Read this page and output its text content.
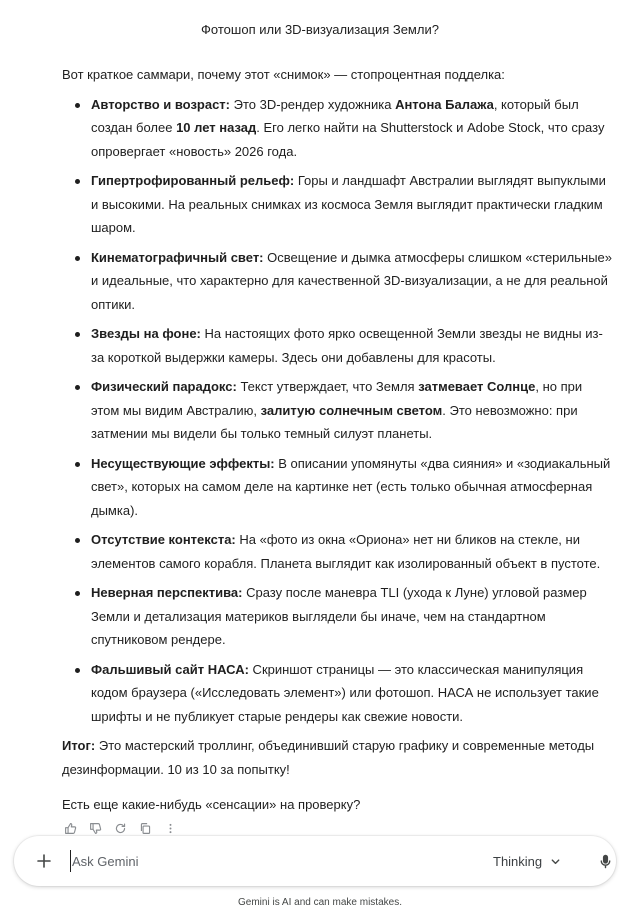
Фотошоп или 3D-визуализация Земли?

Вот краткое саммари, почему этот «снимок» — стопроцентная подделка:

Авторство и возраст: Это 3D-рендер художника Антона Балажа, который был создан более 10 лет назад. Его легко найти на Shutterstock и Adobe Stock, что сразу опровергает «новость» 2026 года.
Гипертрофированный рельеф: Горы и ландшафт Австралии выглядят выпуклыми и высокими. На реальных снимках из космоса Земля выглядит практически гладким шаром.
Кинематографичный свет: Освещение и дымка атмосферы слишком «стерильные» и идеальные, что характерно для качественной 3D-визуализации, а не для реальной оптики.
Звезды на фоне: На настоящих фото ярко освещенной Земли звезды не видны из-за короткой выдержки камеры. Здесь они добавлены для красоты.
Физический парадокс: Текст утверждает, что Земля затмевает Солнце, но при этом мы видим Австралию, залитую солнечным светом. Это невозможно: при затмении мы видели бы только темный силуэт планеты.
Несуществующие эффекты: В описании упомянуты «два сияния» и «зодиакальный свет», которых на самом деле на картинке нет (есть только обычная атмосферная дымка).
Отсутствие контекста: На «фото из окна «Ориона» нет ни бликов на стекле, ни элементов самого корабля. Планета выглядит как изолированный объект в пустоте.
Неверная перспектива: Сразу после маневра TLI (ухода к Луне) угловой размер Земли и детализация материков выглядели бы иначе, чем на стандартном спутниковом рендере.
Фальшивый сайт НАСА: Скриншот страницы — это классическая манипуляция кодом браузера («Исследовать элемент») или фотошоп. НАСА не использует такие шрифты и не публикует старые рендеры как свежие новости.

Итог: Это мастерский троллинг, объединивший старую графику и современные методы дезинформации. 10 из 10 за попытку!

Есть еще какие-нибудь «сенсации» на проверку?

Ask Gemini
Thinking
Gemini is AI and can make mistakes.
